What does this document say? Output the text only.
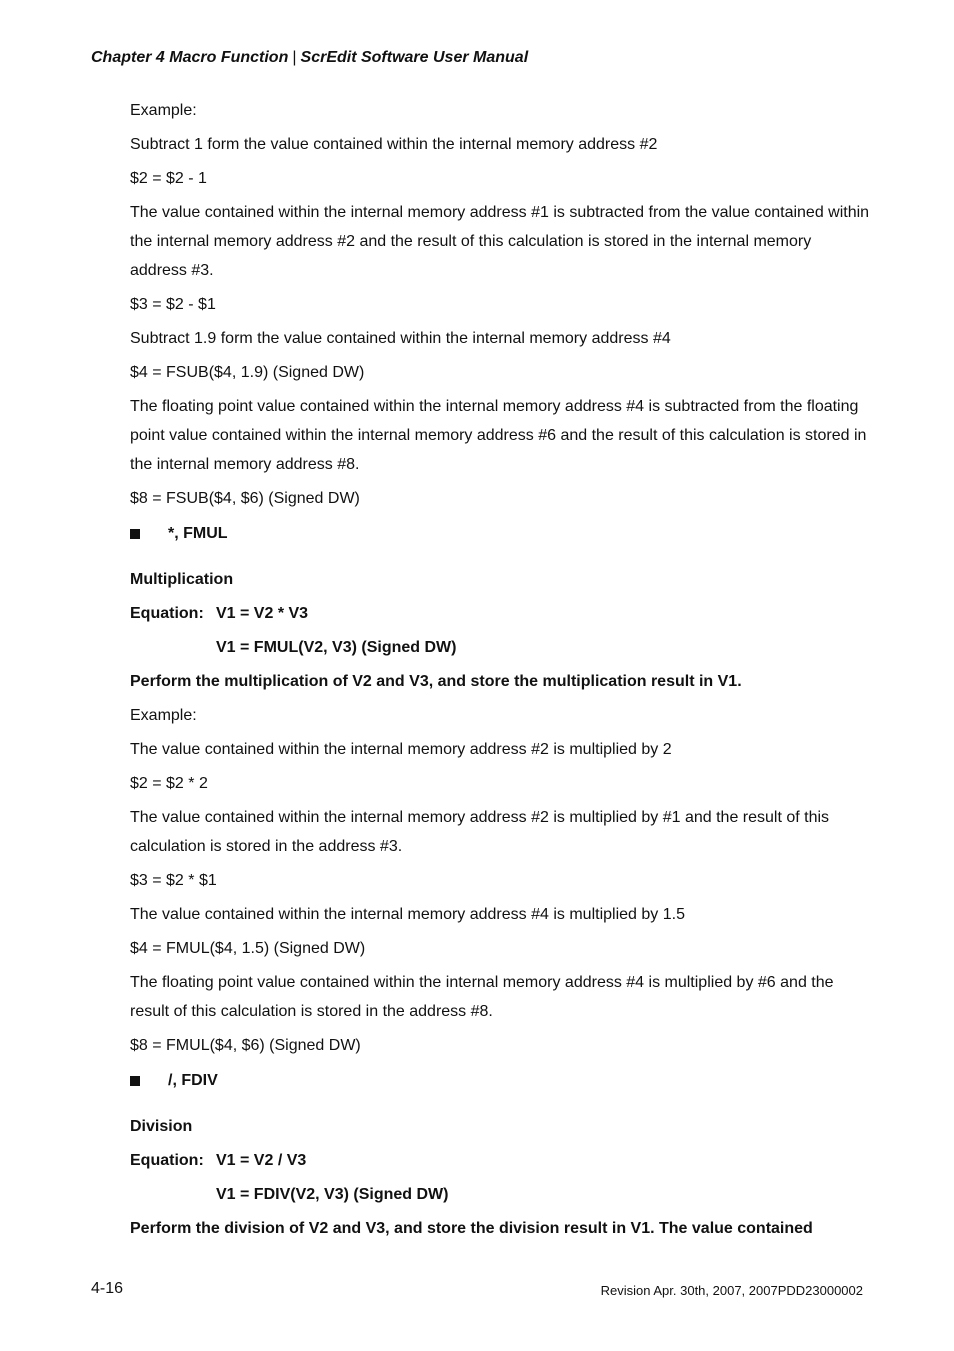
Chapter 4 Macro Function | ScrEdit Software User Manual
Example:
Subtract 1 form the value contained within the internal memory address #2
$2 = $2 - 1
The value contained within the internal memory address #1 is subtracted from the value contained within the internal memory address #2 and the result of this calculation is stored in the internal memory address #3.
$3 = $2 - $1
Subtract 1.9 form the value contained within the internal memory address #4
$4 = FSUB($4, 1.9) (Signed DW)
The floating point value contained within the internal memory address #4 is subtracted from the floating point value contained within the internal memory address #6 and the result of this calculation is stored in the internal memory address #8.
$8 = FSUB($4, $6) (Signed DW)
*, FMUL
Multiplication
Equation: V1 = V2 * V3
V1 = FMUL(V2, V3) (Signed DW)
Perform the multiplication of V2 and V3, and store the multiplication result in V1.
Example:
The value contained within the internal memory address #2 is multiplied by 2
$2 = $2 * 2
The value contained within the internal memory address #2 is multiplied by #1 and the result of this calculation is stored in the address #3.
$3 = $2 * $1
The value contained within the internal memory address #4 is multiplied by 1.5
$4 = FMUL($4, 1.5) (Signed DW)
The floating point value contained within the internal memory address #4 is multiplied by #6 and the result of this calculation is stored in the address #8.
$8 = FMUL($4, $6) (Signed DW)
/, FDIV
Division
Equation: V1 = V2 / V3
V1 = FDIV(V2, V3) (Signed DW)
Perform the division of V2 and V3, and store the division result in V1. The value contained
4-16	Revision Apr. 30th, 2007, 2007PDD23000002
